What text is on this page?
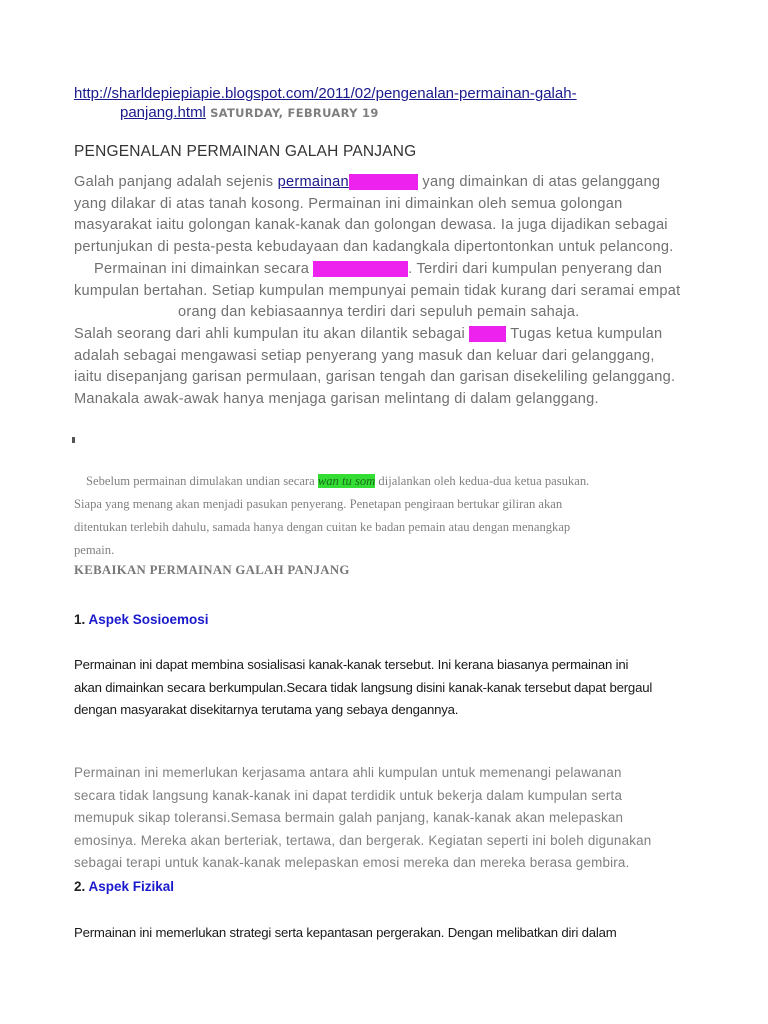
http://sharldepiepiapie.blogspot.com/2011/02/pengenalan-permainan-galah-
panjang.html SATURDAY, FEBRUARY 19
PENGENALAN PERMAINAN GALAH PANJANG
Galah panjang adalah sejenis permainantradisional yang dimainkan di atas gelanggang
yang dilakar di atas tanah kosong. Permainan ini dimainkan oleh semua golongan
masyarakat iaitu golongan kanak-kanak dan golongan dewasa. Ia juga dijadikan sebagai
pertunjukan di pesta-pesta kebudayaan dan kadangkala dipertontonkan untuk pelancong.
Permainan ini dimainkan secara dua kumpulan. Terdiri dari kumpulan penyerang dan
kumpulan bertahan. Setiap kumpulan mempunyai pemain tidak kurang dari seramai empat
orang dan kebiasaannya terdiri dari sepuluh pemain sahaja.
Salah seorang dari ahli kumpulan itu akan dilantik sebagai ketua Tugas ketua kumpulan
adalah sebagai mengawasi setiap penyerang yang masuk dan keluar dari gelanggang,
iaitu disepanjang garisan permulaan, garisan tengah dan garisan disekeliling gelanggang.
Manakala awak-awak hanya menjaga garisan melintang di dalam gelanggang.
Sebelum permainan dimulakan undian secara wan tu som dijalankan oleh kedua-dua ketua pasukan.
Siapa yang menang akan menjadi pasukan penyerang. Penetapan pengiraan bertukar giliran akan
ditentukan terlebih dahulu, samada hanya dengan cuitan ke badan pemain atau dengan menangkap
pemain.
KEBAIKAN PERMAINAN GALAH PANJANG
1. Aspek Sosioemosi
Permainan ini dapat membina sosialisasi kanak-kanak tersebut. Ini kerana biasanya permainan ini
akan dimainkan secara berkumpulan.Secara tidak langsung disini kanak-kanak tersebut dapat bergaul
dengan masyarakat disekitarnya terutama yang sebaya dengannya.
Permainan ini memerlukan kerjasama antara ahli kumpulan untuk memenangi pelawanan
secara tidak langsung kanak-kanak ini dapat terdidik untuk bekerja dalam kumpulan serta
memupuk sikap toleransi.Semasa bermain galah panjang, kanak-kanak akan melepaskan
emosinya. Mereka akan berteriak, tertawa, dan bergerak. Kegiatan seperti ini boleh digunakan
sebagai terapi untuk kanak-kanak melepaskan emosi mereka dan mereka berasa gembira.
2. Aspek Fizikal
Permainan ini memerlukan strategi serta kepantasan pergerakan. Dengan melibatkan diri dalam
